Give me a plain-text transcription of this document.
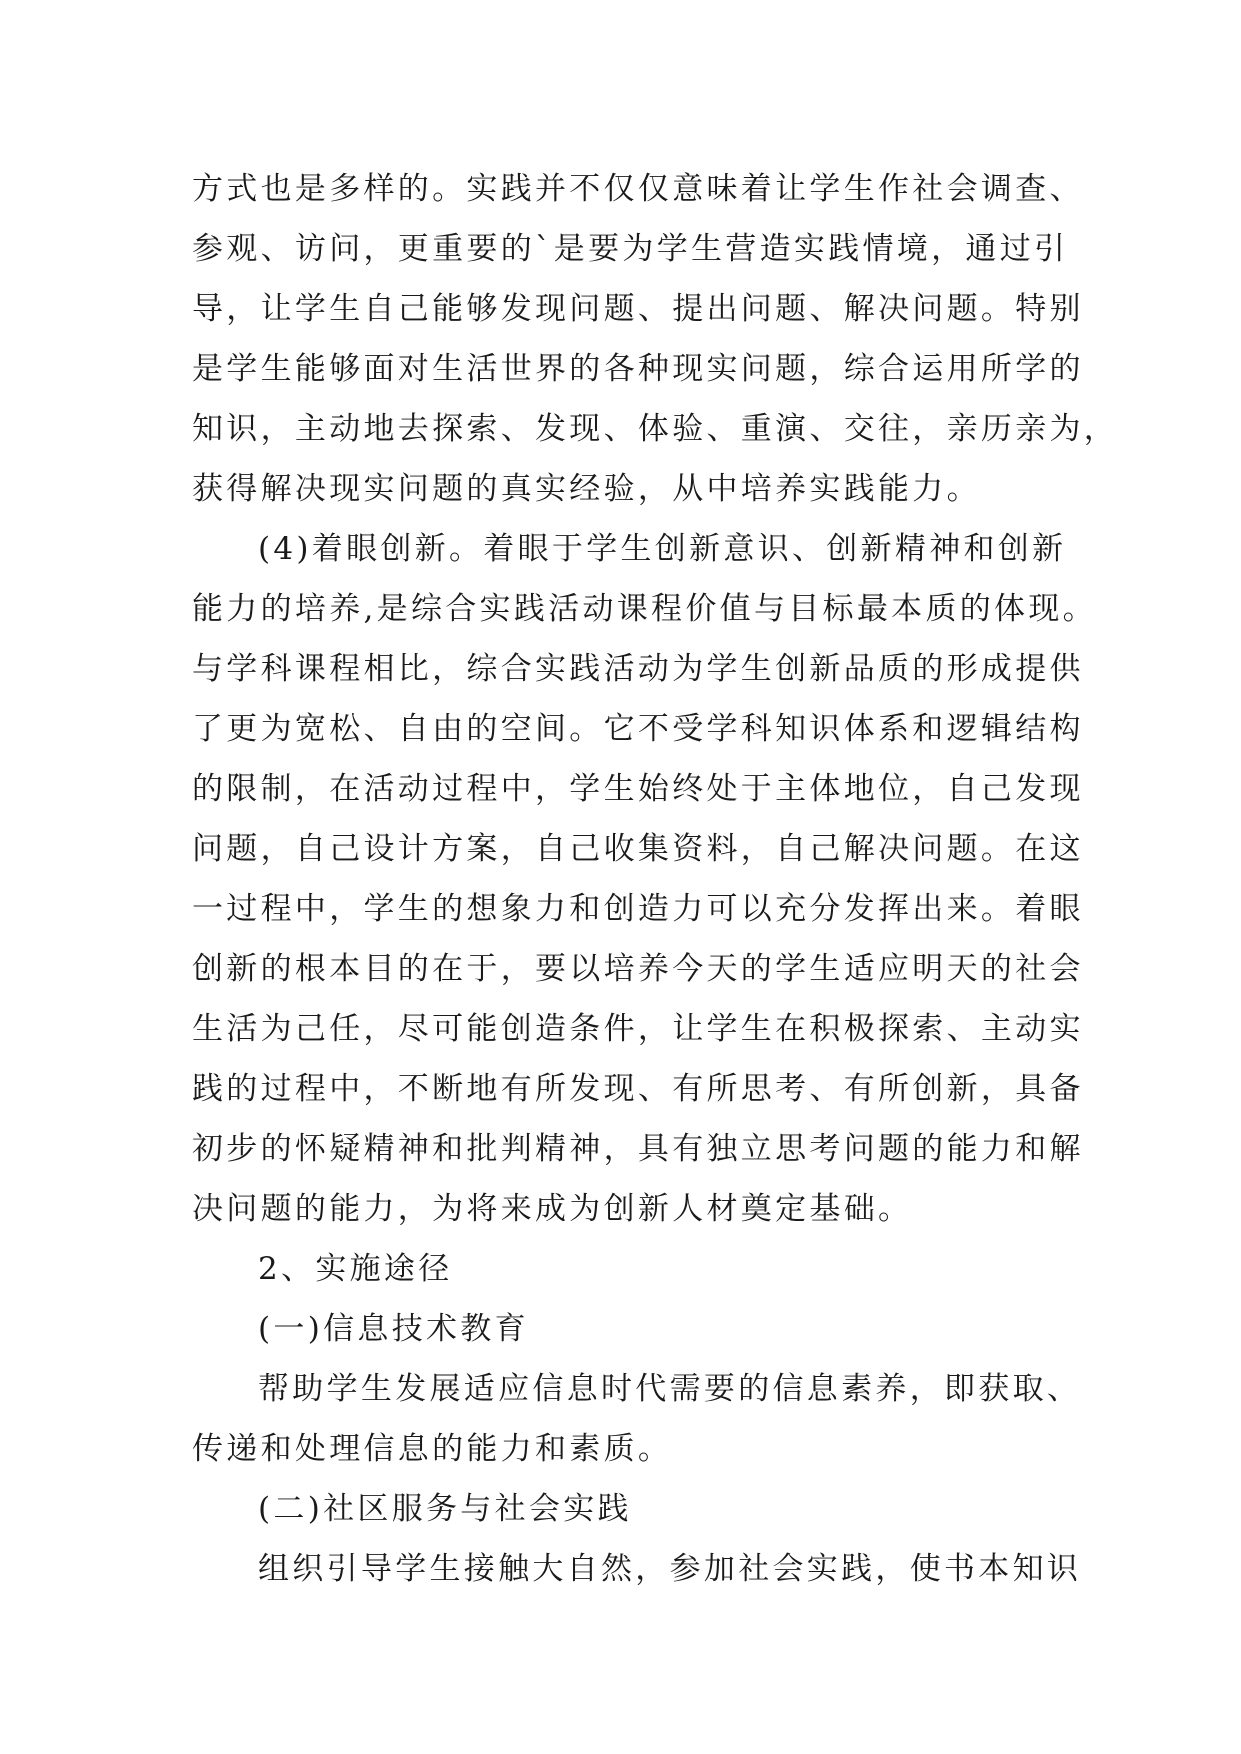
方式也是多样的。实践并不仅仅意味着让学生作社会调查、
参观、访问，更重要的`是要为学生营造实践情境，通过引
导，让学生自己能够发现问题、提出问题、解决问题。特别
是学生能够面对生活世界的各种现实问题，综合运用所学的
知识，主动地去探索、发现、体验、重演、交往，亲历亲为，
获得解决现实问题的真实经验，从中培养实践能力。
(4)着眼创新。着眼于学生创新意识、创新精神和创新
能力的培养,是综合实践活动课程价值与目标最本质的体现。
与学科课程相比，综合实践活动为学生创新品质的形成提供
了更为宽松、自由的空间。它不受学科知识体系和逻辑结构
的限制，在活动过程中，学生始终处于主体地位，自己发现
问题，自己设计方案，自己收集资料，自己解决问题。在这
一过程中，学生的想象力和创造力可以充分发挥出来。着眼
创新的根本目的在于，要以培养今天的学生适应明天的社会
生活为己任，尽可能创造条件，让学生在积极探索、主动实
践的过程中，不断地有所发现、有所思考、有所创新，具备
初步的怀疑精神和批判精神，具有独立思考问题的能力和解
决问题的能力，为将来成为创新人材奠定基础。
2、实施途径
(一)信息技术教育
帮助学生发展适应信息时代需要的信息素养，即获取、
传递和处理信息的能力和素质。
(二)社区服务与社会实践
组织引导学生接触大自然，参加社会实践，使书本知识
